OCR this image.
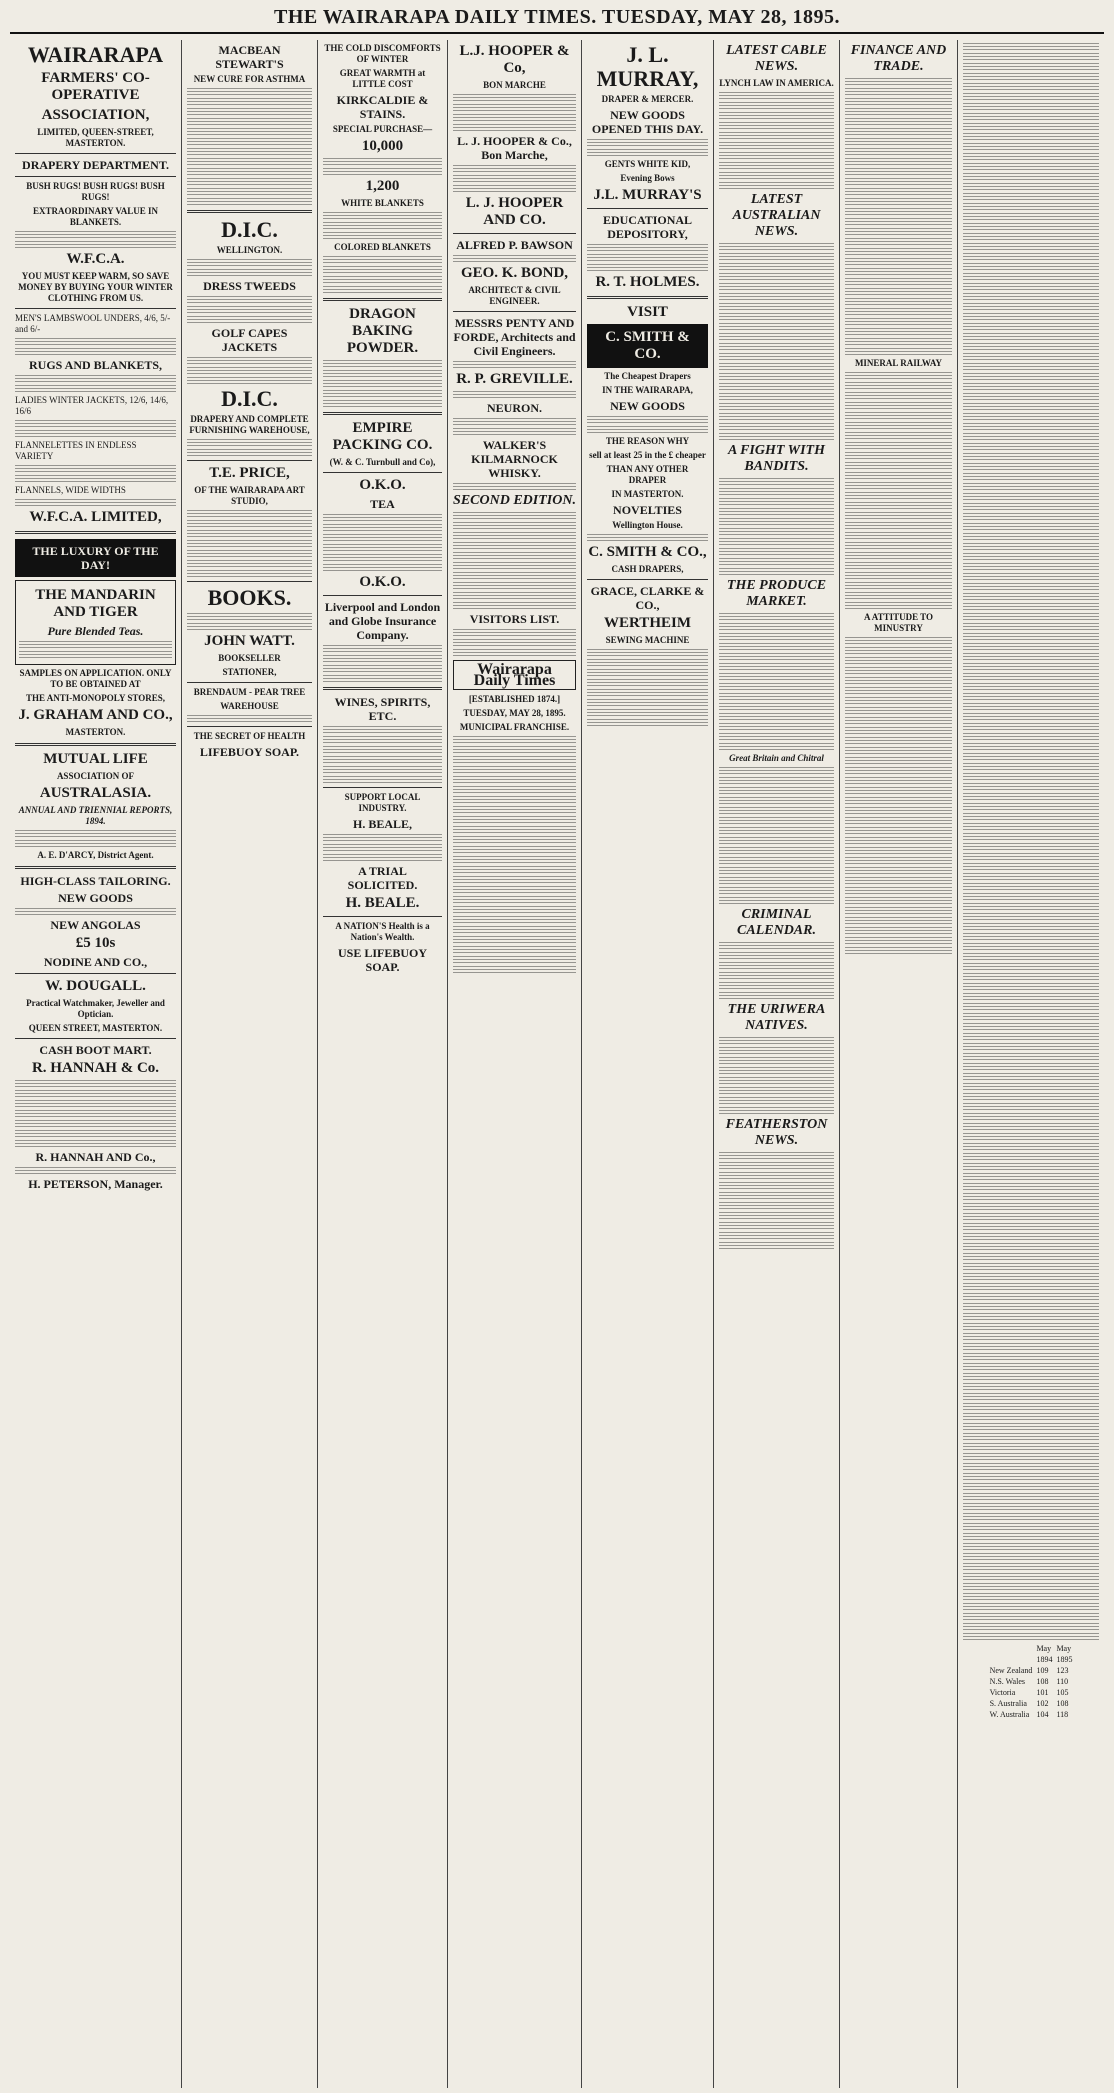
THE WAIRARAPA DAILY TIMES. TUESDAY, MAY 28, 1895.
WAIRARAPA
FARMERS' CO-OPERATIVE
ASSOCIATION,
LIMITED, QUEEN-STREET, MASTERTON.
DRAPERY DEPARTMENT.
BUSH RUGS! BUSH RUGS! BUSH RUGS!
EXTRAORDINARY VALUE IN BLANKETS.
W.F.C.A.
YOU MUST KEEP WARM, SO SAVE MONEY BY BUYING YOUR WINTER CLOTHING FROM US.
MEN'S LAMBSWOOL UNDERS, 4/6, 5/- and 6/-
RUGS AND BLANKETS,
LADIES WINTER JACKETS, 12/6, 14/6, 16/6
FLANNELETTES IN ENDLESS VARIETY
FLANNELS, WIDE WIDTHS
W.F.C.A. LIMITED,
THE LUXURY OF THE DAY!
THE MANDARIN AND TIGER
Pure Blended Teas.
SAMPLES ON APPLICATION. ONLY TO BE OBTAINED AT
THE ANTI-MONOPOLY STORES,
J. GRAHAM AND CO.,
MASTERTON.
MUTUAL LIFE
ASSOCIATION OF
AUSTRALASIA.
ANNUAL AND TRIENNIAL REPORTS, 1894.
A. E. D'ARCY, District Agent.
HIGH-CLASS TAILORING.
NEW GOODS
NEW ANGOLAS
£5 10s
NODINE AND CO.,
W. DOUGALL.
Practical Watchmaker, Jeweller and Optician.
QUEEN STREET, MASTERTON.
CASH BOOT MART.
R. HANNAH & Co.
R. HANNAH AND Co.,
H. PETERSON, Manager.
MACBEAN STEWART'S
NEW CURE FOR ASTHMA
D.I.C.
WELLINGTON.
DRESS TWEEDS
GOLF CAPES JACKETS
D.I.C.
DRAPERY AND COMPLETE FURNISHING WAREHOUSE,
T.E. PRICE,
OF THE WAIRARAPA ART STUDIO,
BOOKS.
JOHN WATT.
BOOKSELLER
STATIONER,
BRENDAUM - PEAR TREE
WAREHOUSE
THE SECRET OF HEALTH
LIFEBUOY SOAP.
THE COLD DISCOMFORTS OF WINTER
GREAT WARMTH at LITTLE COST
KIRKCALDIE & STAINS.
SPECIAL PURCHASE—
10,000
1,200
WHITE BLANKETS
COLORED BLANKETS
DRAGON BAKING POWDER.
EMPIRE PACKING CO.
(W. & C. Turnbull and Co),
O.K.O.
TEA
O.K.O.
Liverpool and London and Globe Insurance Company.
WINES, SPIRITS, ETC.
SUPPORT LOCAL INDUSTRY.
H. BEALE,
A TRIAL SOLICITED.
H. BEALE.
A NATION'S Health is a Nation's Wealth.
USE LIFEBUOY SOAP.
L.J. HOOPER & Co,
BON MARCHE
L. J. HOOPER & Co., Bon Marche,
L. J. HOOPER AND CO.
ALFRED P. BAWSON
GEO. K. BOND,
ARCHITECT & CIVIL ENGINEER.
MESSRS PENTY AND FORDE, Architects and Civil Engineers.
R. P. GREVILLE.
NEURON.
WALKER'S KILMARNOCK WHISKY.
SECOND EDITION.
VISITORS LIST.
Wairarapa Daily Times
[ESTABLISHED 1874.]
TUESDAY, MAY 28, 1895.
MUNICIPAL FRANCHISE.
J. L. MURRAY,
DRAPER & MERCER.
NEW GOODS OPENED THIS DAY.
GENTS WHITE KID,
Evening Bows
J.L. MURRAY'S
EDUCATIONAL DEPOSITORY,
R. T. HOLMES.
VISIT
C. SMITH & CO.
The Cheapest Drapers
IN THE WAIRARAPA,
NEW GOODS
THE REASON WHY
sell at least 25 in the £ cheaper
THAN ANY OTHER DRAPER
IN MASTERTON.
NOVELTIES
Wellington House.
C. SMITH & CO.,
CASH DRAPERS,
GRACE, CLARKE & CO.,
WERTHEIM
SEWING MACHINE
LATEST CABLE NEWS.
LYNCH LAW IN AMERICA.
LATEST AUSTRALIAN NEWS.
A FIGHT WITH BANDITS.
THE PRODUCE MARKET.
Great Britain and Chitral
CRIMINAL CALENDAR.
THE URIWERA NATIVES.
FEATHERSTON NEWS.
FINANCE AND TRADE.
MINERAL RAILWAY
A ATTITUDE TO MINUSTRY
	May	May
	1894	1895
New Zealand	109	123
N.S. Wales	108	110
Victoria	101	105
S. Australia	102	108
W. Australia	104	118
